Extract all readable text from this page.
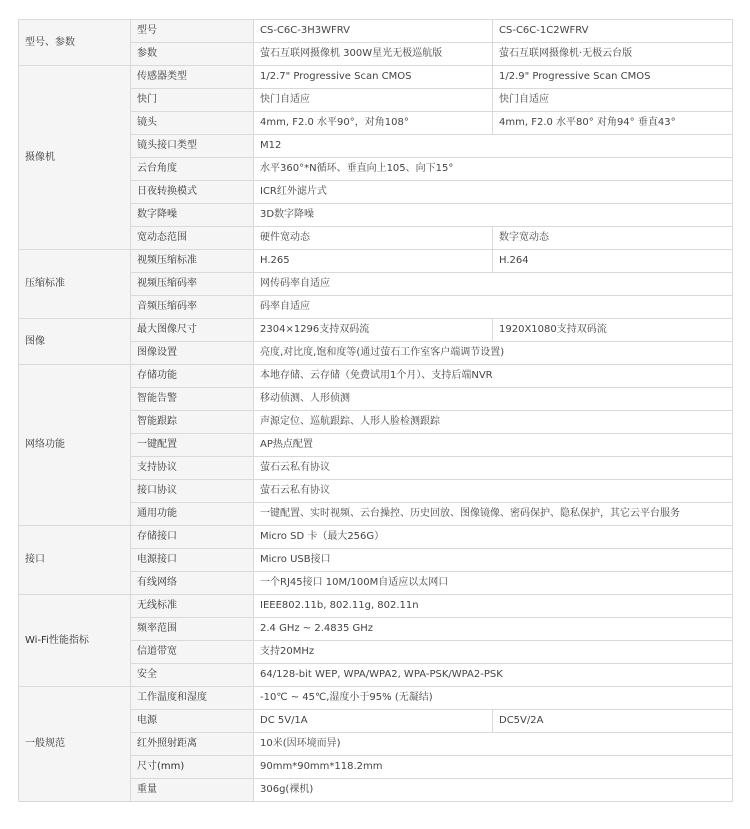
型号、参数	型号	CS-C6C-3H3WFRV	CS-C6C-1C2WFRV
	参数	萤石互联网摄像机 300W星光无极巡航版	萤石互联网摄像机·无极云台版
摄像机	传感器类型	1/2.7" Progressive Scan CMOS	1/2.9" Progressive Scan CMOS
	快门	快门自适应	快门自适应
	镜头	4mm, F2.0 水平90°，对角108°	4mm, F2.0 水平80° 对角94° 垂直43°
	镜头接口类型	M12	
	云台角度	水平360°*N循环、垂直向上105、向下15°	
	日夜转换模式	ICR红外滤片式	
	数字降噪	3D数字降噪	
	宽动态范围	硬件宽动态	数字宽动态
压缩标准	视频压缩标准	H.265	H.264
	视频压缩码率	网传码率自适应	
	音频压缩码率	码率自适应	
图像	最大图像尺寸	2304×1296支持双码流	1920X1080支持双码流
	图像设置	亮度,对比度,饱和度等(通过萤石工作室客户端调节设置)	
网络功能	存储功能	本地存储、云存储（免费试用1个月）、支持后端NVR	
	智能告警	移动侦测、人形侦测	
	智能跟踪	声源定位、巡航跟踪、人形人脸检测跟踪	
	一键配置	AP热点配置	
	支持协议	萤石云私有协议	
	接口协议	萤石云私有协议	
	通用功能	一键配置、实时视频、云台操控、历史回放、图像镜像、密码保护、隐私保护，其它云平台服务	
接口	存储接口	Micro SD 卡（最大256G）	
	电源接口	Micro USB接口	
	有线网络	一个RJ45接口 10M/100M自适应以太网口	
Wi-Fi性能指标	无线标准	IEEE802.11b, 802.11g, 802.11n	
	频率范围	2.4 GHz ~ 2.4835 GHz	
	信道带宽	支持20MHz	
	安全	64/128-bit WEP, WPA/WPA2, WPA-PSK/WPA2-PSK	
一般规范	工作温度和湿度	-10℃ ~ 45℃,湿度小于95% (无凝结)	
	电源	DC 5V/1A	DC5V/2A
	红外照射距离	10米(因环境而异)	
	尺寸(mm)	90mm*90mm*118.2mm	
	重量	306g(裸机)	
